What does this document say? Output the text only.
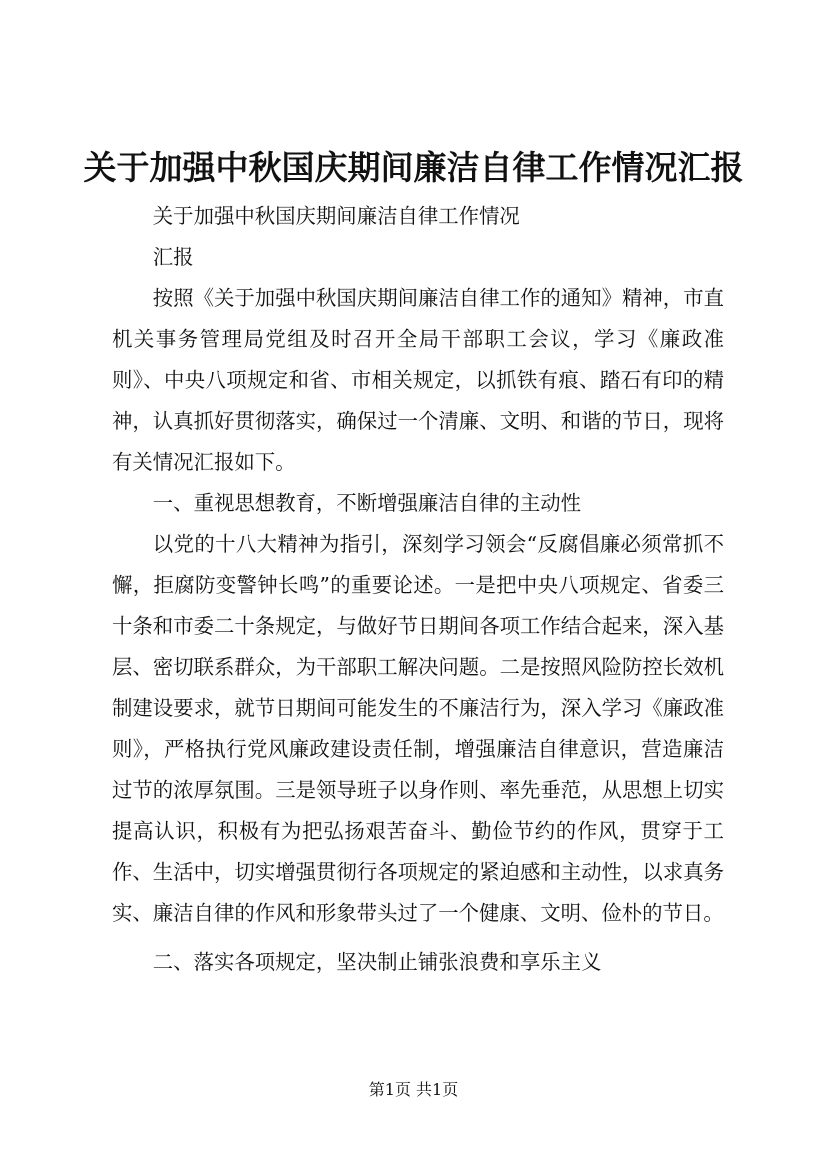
关于加强中秋国庆期间廉洁自律工作情况汇报

关于加强中秋国庆期间廉洁自律工作情况

汇报

按照《关于加强中秋国庆期间廉洁自律工作的通知》精神，市直机关事务管理局党组及时召开全局干部职工会议，学习《廉政准则》、中央八项规定和省、市相关规定，以抓铁有痕、踏石有印的精神，认真抓好贯彻落实，确保过一个清廉、文明、和谐的节日，现将有关情况汇报如下。

一、重视思想教育，不断增强廉洁自律的主动性

以党的十八大精神为指引，深刻学习领会“反腐倡廉必须常抓不懈，拒腐防变警钟长鸣”的重要论述。一是把中央八项规定、省委三十条和市委二十条规定，与做好节日期间各项工作结合起来，深入基层、密切联系群众，为干部职工解决问题。二是按照风险防控长效机制建设要求，就节日期间可能发生的不廉洁行为，深入学习《廉政准则》，严格执行党风廉政建设责任制，增强廉洁自律意识，营造廉洁过节的浓厚氛围。三是领导班子以身作则、率先垂范，从思想上切实提高认识，积极有为把弘扬艰苦奋斗、勤俭节约的作风，贯穿于工作、生活中，切实增强贯彻行各项规定的紧迫感和主动性，以求真务实、廉洁自律的作风和形象带头过了一个健康、文明、俭朴的节日。

二、落实各项规定，坚决制止铺张浪费和享乐主义

第1页 共1页
